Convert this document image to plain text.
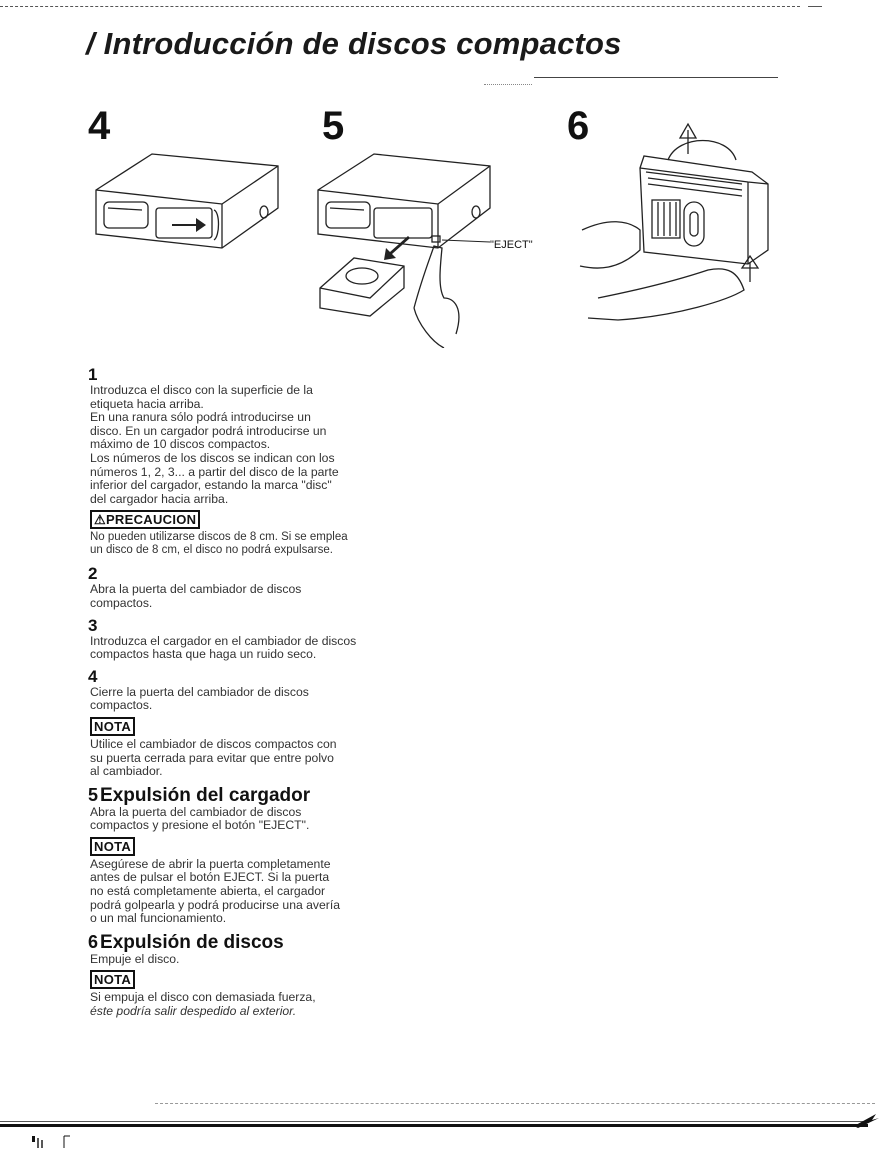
/ Introducción de discos compactos

4	5	6

"EJECT"

1

Introduzca el disco con la superficie de la

etiqueta hacia arriba.

En una ranura sólo podrá introducirse un

disco. En un cargador podrá introducirse un

máximo de 10 discos compactos.

Los números de los discos se indican con los

números 1, 2, 3... a partir del disco de la parte

inferior del cargador, estando la marca "disc"

del cargador hacia arriba.

⚠PRECAUCION

No pueden utilizarse discos de 8 cm. Si se emplea

un disco de 8 cm, el disco no podrá expulsarse.

2

Abra la puerta del cambiador de discos

compactos.

3

Introduzca el cargador en el cambiador de discos

compactos hasta que haga un ruido seco.

4

Cierre la puerta del cambiador de discos

compactos.

NOTA

Utilice el cambiador de discos compactos con

su puerta cerrada para evitar que entre polvo

al cambiador.

5 Expulsión del cargador

Abra la puerta del cambiador de discos

compactos y presione el botón "EJECT".

NOTA

Asegúrese de abrir la puerta completamente

antes de pulsar el botón EJECT. Si la puerta

no está completamente abierta, el cargador

podrá golpearla y podrá producirse una avería

o un mal funcionamiento.

6 Expulsión de discos

Empuje el disco.

NOTA

Si empuja el disco con demasiada fuerza,

éste podría salir despedido al exterior.
